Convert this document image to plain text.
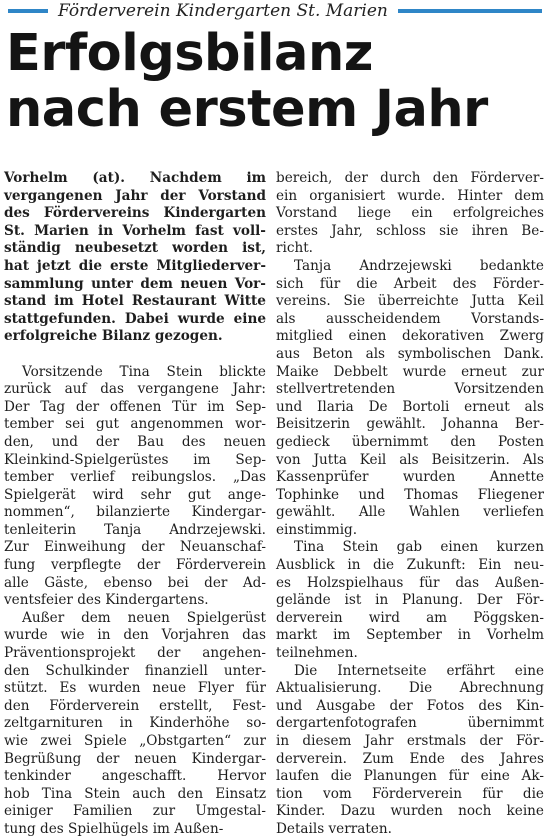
Förderverein Kindergarten St. Marien
Erfolgsbilanz
nach erstem Jahr
Vorhelm (at). Nachdem im
vergangenen Jahr der Vorstand
des Fördervereins Kindergarten
St. Marien in Vorhelm fast voll-
ständig neubesetzt worden ist,
hat jetzt die erste Mitgliederver-
sammlung unter dem neuen Vor-
stand im Hotel Restaurant Witte
stattgefunden. Dabei wurde eine
erfolgreiche Bilanz gezogen.
Vorsitzende Tina Stein blickte
zurück auf das vergangene Jahr:
Der Tag der offenen Tür im Sep-
tember sei gut angenommen wor-
den, und der Bau des neuen
Kleinkind-Spielgerüstes im Sep-
tember verlief reibungslos. „Das
Spielgerät wird sehr gut ange-
nommen“, bilanzierte Kindergar-
tenleiterin Tanja Andrzejewski.
Zur Einweihung der Neuanschaf-
fung verpflegte der Förderverein
alle Gäste, ebenso bei der Ad-
ventsfeier des Kindergartens.
Außer dem neuen Spielgerüst
wurde wie in den Vorjahren das
Präventionsprojekt der angehen-
den Schulkinder finanziell unter-
stützt. Es wurden neue Flyer für
den Förderverein erstellt, Fest-
zeltgarnituren in Kinderhöhe so-
wie zwei Spiele „Obstgarten“ zur
Begrüßung der neuen Kindergar-
tenkinder angeschafft. Hervor
hob Tina Stein auch den Einsatz
einiger Familien zur Umgestal-
tung des Spielhügels im Außen-
bereich, der durch den Förderver-
ein organisiert wurde. Hinter dem
Vorstand liege ein erfolgreiches
erstes Jahr, schloss sie ihren Be-
richt.
Tanja Andrzejewski bedankte
sich für die Arbeit des Förder-
vereins. Sie überreichte Jutta Keil
als ausscheidendem Vorstands-
mitglied einen dekorativen Zwerg
aus Beton als symbolischen Dank.
Maike Debbelt wurde erneut zur
stellvertretenden	Vorsitzenden
und Ilaria De Bortoli erneut als
Beisitzerin gewählt. Johanna Ber-
gedieck übernimmt den Posten
von Jutta Keil als Beisitzerin. Als
Kassenprüfer	wurden	Annette
Tophinke und Thomas Fliegener
gewählt. Alle Wahlen verliefen
einstimmig.
Tina Stein gab einen kurzen
Ausblick in die Zukunft: Ein neu-
es Holzspielhaus für das Außen-
gelände ist in Planung. Der För-
derverein wird am Pöggsken-
markt im September in Vorhelm
teilnehmen.
Die Internetseite erfährt eine
Aktualisierung. Die Abrechnung
und Ausgabe der Fotos des Kin-
dergartenfotografen	übernimmt
in diesem Jahr erstmals der För-
derverein. Zum Ende des Jahres
laufen die Planungen für eine Ak-
tion vom Förderverein für die
Kinder. Dazu wurden noch keine
Details verraten.
